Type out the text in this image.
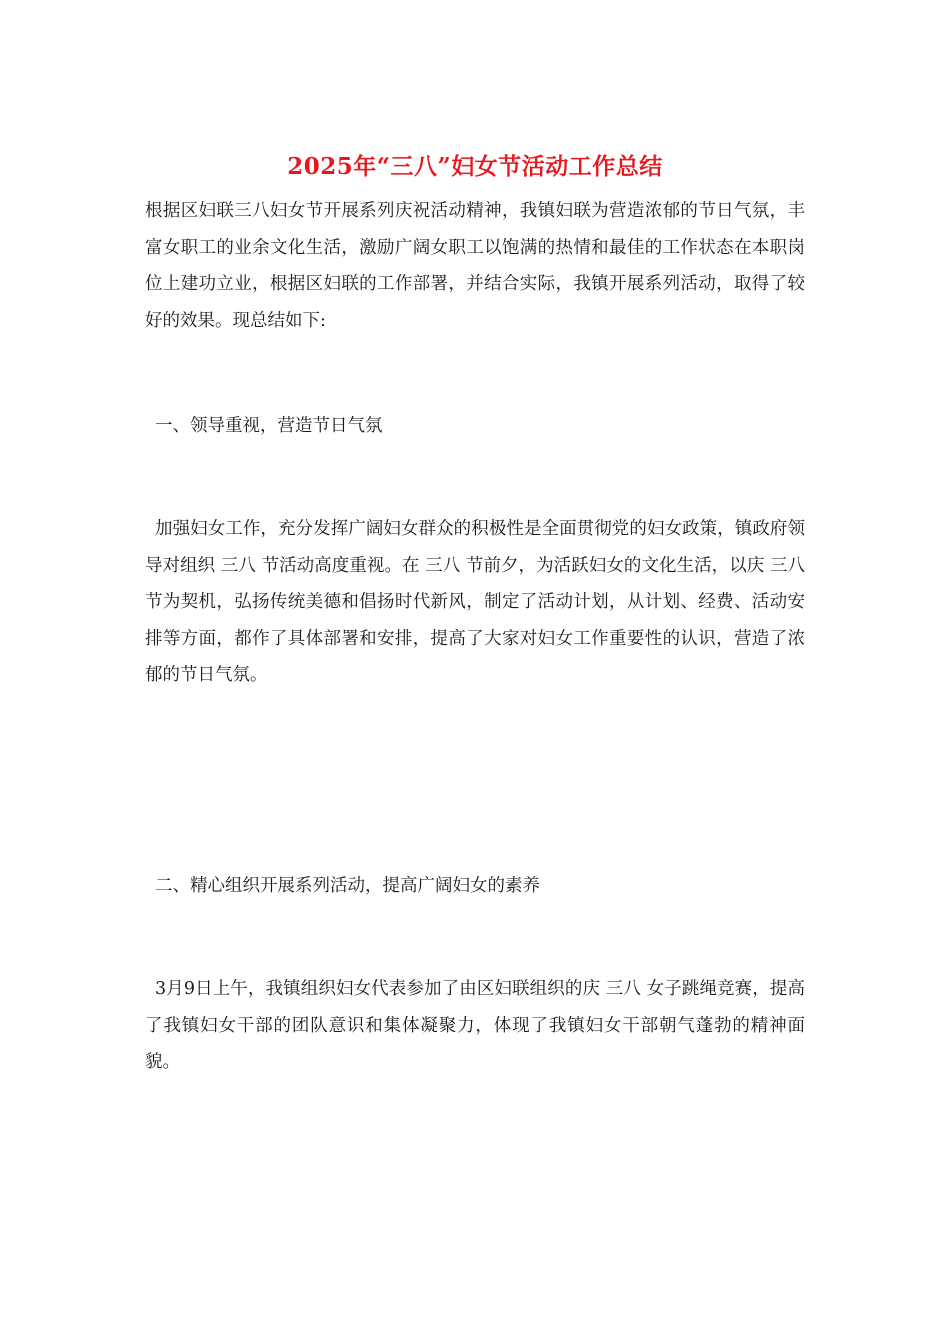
2025年“三八”妇女节活动工作总结

根据区妇联三八妇女节开展系列庆祝活动精神，我镇妇联为营造浓郁的节日气氛，丰富女职工的业余文化生活，激励广阔女职工以饱满的热情和最佳的工作状态在本职岗位上建功立业，根据区妇联的工作部署，并结合实际，我镇开展系列活动，取得了较好的效果。现总结如下:

一、领导重视，营造节日气氛

加强妇女工作，充分发挥广阔妇女群众的积极性是全面贯彻党的妇女政策，镇政府领导对组织 三八 节活动高度重视。在 三八 节前夕，为活跃妇女的文化生活，以庆 三八 节为契机，弘扬传统美德和倡扬时代新风，制定了活动计划，从计划、经费、活动安排等方面，都作了具体部署和安排，提高了大家对妇女工作重要性的认识，营造了浓郁的节日气氛。

二、精心组织开展系列活动，提高广阔妇女的素养

3月9日上午，我镇组织妇女代表参加了由区妇联组织的庆 三八 女子跳绳竞赛，提高了我镇妇女干部的团队意识和集体凝聚力，体现了我镇妇女干部朝气蓬勃的精神面貌。
